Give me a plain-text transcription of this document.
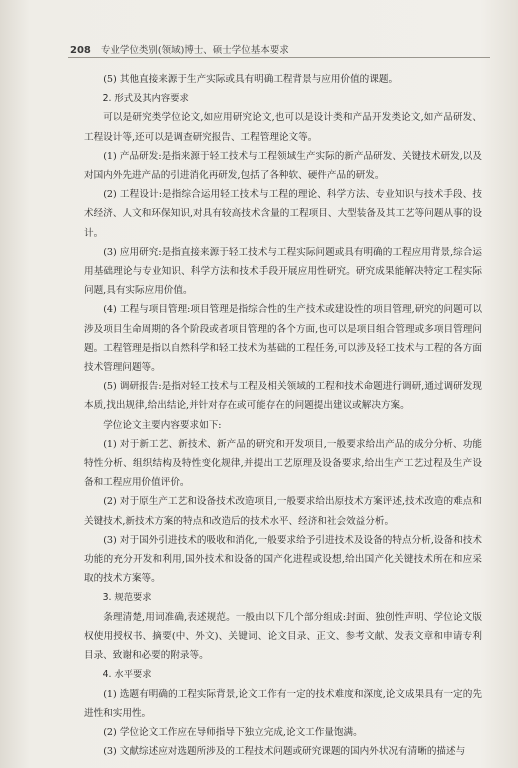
208 专业学位类别(领域)博士、硕士学位基本要求

(5) 其他直接来源于生产实际或具有明确工程背景与应用价值的课题。

2. 形式及其内容要求

可以是研究类学位论文,如应用研究论文,也可以是设计类和产品开发类论文,如产品研发、工程设计等,还可以是调查研究报告、工程管理论文等。

(1) 产品研发:是指来源于轻工技术与工程领域生产实际的新产品研发、关键技术研发,以及对国内外先进产品的引进消化再研发,包括了各种软、硬件产品的研发。

(2) 工程设计:是指综合运用轻工技术与工程的理论、科学方法、专业知识与技术手段、技术经济、人文和环保知识,对具有较高技术含量的工程项目、大型装备及其工艺等问题从事的设计。

(3) 应用研究:是指直接来源于轻工技术与工程实际问题或具有明确的工程应用背景,综合运用基础理论与专业知识、科学方法和技术手段开展应用性研究。研究成果能解决特定工程实际问题,具有实际应用价值。

(4) 工程与项目管理:项目管理是指综合性的生产技术或建设性的项目管理,研究的问题可以涉及项目生命周期的各个阶段或者项目管理的各个方面,也可以是项目组合管理或多项目管理问题。工程管理是指以自然科学和轻工技术为基础的工程任务,可以涉及轻工技术与工程的各方面技术管理问题等。

(5) 调研报告:是指对轻工技术与工程及相关领域的工程和技术命题进行调研,通过调研发现本质,找出规律,给出结论,并针对存在或可能存在的问题提出建议或解决方案。

学位论文主要内容要求如下:

(1) 对于新工艺、新技术、新产品的研究和开发项目,一般要求给出产品的成分分析、功能特性分析、组织结构及特性变化规律,并提出工艺原理及设备要求,给出生产工艺过程及生产设备和工程应用价值评价。

(2) 对于原生产工艺和设备技术改造项目,一般要求给出原技术方案评述,技术改造的难点和关键技术,新技术方案的特点和改造后的技术水平、经济和社会效益分析。

(3) 对于国外引进技术的吸收和消化,一般要求给予引进技术及设备的特点分析,设备和技术功能的充分开发和利用,国外技术和设备的国产化进程或设想,给出国产化关键技术所在和应采取的技术方案等。

3. 规范要求

条理清楚,用词准确,表述规范。一般由以下几个部分组成:封面、独创性声明、学位论文版权使用授权书、摘要(中、外文)、关键词、论文目录、正文、参考文献、发表文章和申请专利目录、致谢和必要的附录等。

4. 水平要求

(1) 选题有明确的工程实际背景,论文工作有一定的技术难度和深度,论文成果具有一定的先进性和实用性。

(2) 学位论文工作应在导师指导下独立完成,论文工作量饱满。

(3) 文献综述应对选题所涉及的工程技术问题或研究课题的国内外状况有清晰的描述与
